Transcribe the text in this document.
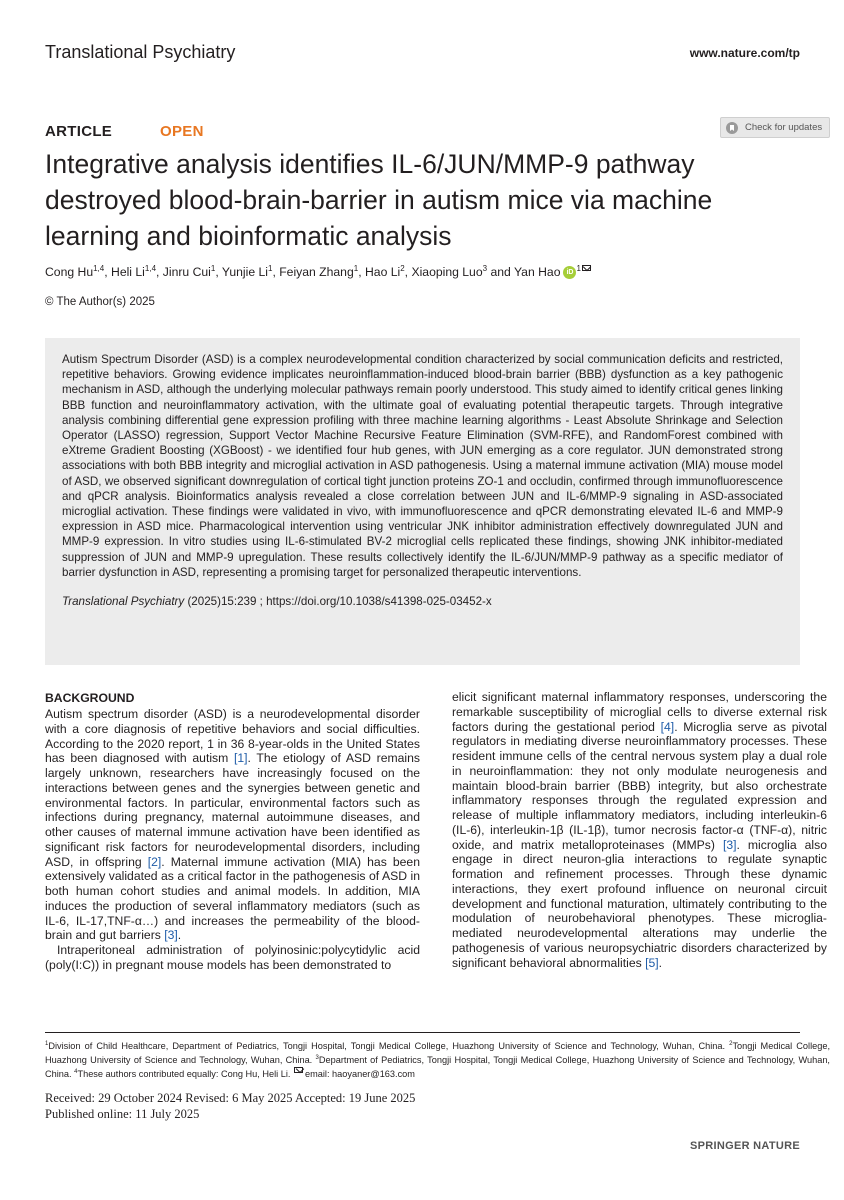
Translational Psychiatry	www.nature.com/tp
ARTICLE	OPEN	Check for updates
Integrative analysis identifies IL-6/JUN/MMP-9 pathway destroyed blood-brain-barrier in autism mice via machine learning and bioinformatic analysis
Cong Hu$^{1,4}$, Heli Li$^{1,4}$, Jinru Cui$^1$, Yunjie Li$^1$, Feiyan Zhang$^1$, Hao Li$^2$, Xiaoping Luo$^3$ and Yan Hao iD $^1$
© The Author(s) 2025

Autism Spectrum Disorder (ASD) is a complex neurodevelopmental condition characterized by social communication deficits and restricted, repetitive behaviors. Growing evidence implicates neuroinflammation-induced blood-brain barrier (BBB) dysfunction as a key pathogenic mechanism in ASD, although the underlying molecular pathways remain poorly understood. This study aimed to identify critical genes linking BBB function and neuroinflammatory activation, with the ultimate goal of evaluating potential therapeutic targets. Through integrative analysis combining differential gene expression profiling with three machine learning algorithms - Least Absolute Shrinkage and Selection Operator (LASSO) regression, Support Vector Machine Recursive Feature Elimination (SVM-RFE), and RandomForest combined with eXtreme Gradient Boosting (XGBoost) - we identified four hub genes, with JUN emerging as a core regulator. JUN demonstrated strong associations with both BBB integrity and microglial activation in ASD pathogenesis. Using a maternal immune activation (MIA) mouse model of ASD, we observed significant downregulation of cortical tight junction proteins ZO-1 and occludin, confirmed through immunofluorescence and qPCR analysis. Bioinformatics analysis revealed a close correlation between JUN and IL-6/MMP-9 signaling in ASD-associated microglial activation. These findings were validated in vivo, with immunofluorescence and qPCR demonstrating elevated IL-6 and MMP-9 expression in ASD mice. Pharmacological intervention using ventricular JNK inhibitor administration effectively downregulated JUN and MMP-9 expression. In vitro studies using IL-6-stimulated BV-2 microglial cells replicated these findings, showing JNK inhibitor-mediated suppression of JUN and MMP-9 upregulation. These results collectively identify the IL-6/JUN/MMP-9 pathway as a specific mediator of barrier dysfunction in ASD, representing a promising target for personalized therapeutic interventions.

Translational Psychiatry (2025)15:239 ; https://doi.org/10.1038/s41398-025-03452-x

BACKGROUND

Autism spectrum disorder (ASD) is a neurodevelopmental disorder with a core diagnosis of repetitive behaviors and social difficulties. According to the 2020 report, 1 in 36 8-year-olds in the United States has been diagnosed with autism [1]. The etiology of ASD remains largely unknown, researchers have increasingly focused on the interactions between genes and the synergies between genetic and environmental factors. In particular, environmental factors such as infections during pregnancy, maternal autoimmune diseases, and other causes of maternal immune activation have been identified as significant risk factors for neurodevelopmental disorders, including ASD, in offspring [2]. Maternal immune activation (MIA) has been extensively validated as a critical factor in the pathogenesis of ASD in both human cohort studies and animal models. In addition, MIA induces the production of several inflammatory mediators (such as IL-6, IL-17,TNF-α…) and increases the permeability of the blood-brain and gut barriers [3].

Intraperitoneal administration of polyinosinic:polycytidylic acid (poly(I:C)) in pregnant mouse models has been demonstrated to

elicit significant maternal inflammatory responses, underscoring the remarkable susceptibility of microglial cells to diverse external risk factors during the gestational period [4]. Microglia serve as pivotal regulators in mediating diverse neuroinflammatory processes. These resident immune cells of the central nervous system play a dual role in neuroinflammation: they not only modulate neurogenesis and maintain blood-brain barrier (BBB) integrity, but also orchestrate inflammatory responses through the regulated expression and release of multiple inflammatory mediators, including interleukin-6 (IL-6), interleukin-1β (IL-1β), tumor necrosis factor-α (TNF-α), nitric oxide, and matrix metalloproteinases (MMPs) [3]. microglia also engage in direct neuron-glia interactions to regulate synaptic formation and refinement processes. Through these dynamic interactions, they exert profound influence on neuronal circuit development and functional maturation, ultimately contributing to the modulation of neurobehavioral phenotypes. These microglia-mediated neurodevelopmental alterations may underlie the pathogenesis of various neuropsychiatric disorders characterized by significant behavioral abnormalities [5].

$^1$Division of Child Healthcare, Department of Pediatrics, Tongji Hospital, Tongji Medical College, Huazhong University of Science and Technology, Wuhan, China. $^2$Tongji Medical College, Huazhong University of Science and Technology, Wuhan, China. $^3$Department of Pediatrics, Tongji Hospital, Tongji Medical College, Huazhong University of Science and Technology, Wuhan, China. $^4$These authors contributed equally: Cong Hu, Heli Li. email: haoyaner@163.com
Received: 29 October 2024 Revised: 6 May 2025 Accepted: 19 June 2025
Published online: 11 July 2025
SPRINGER NATURE
